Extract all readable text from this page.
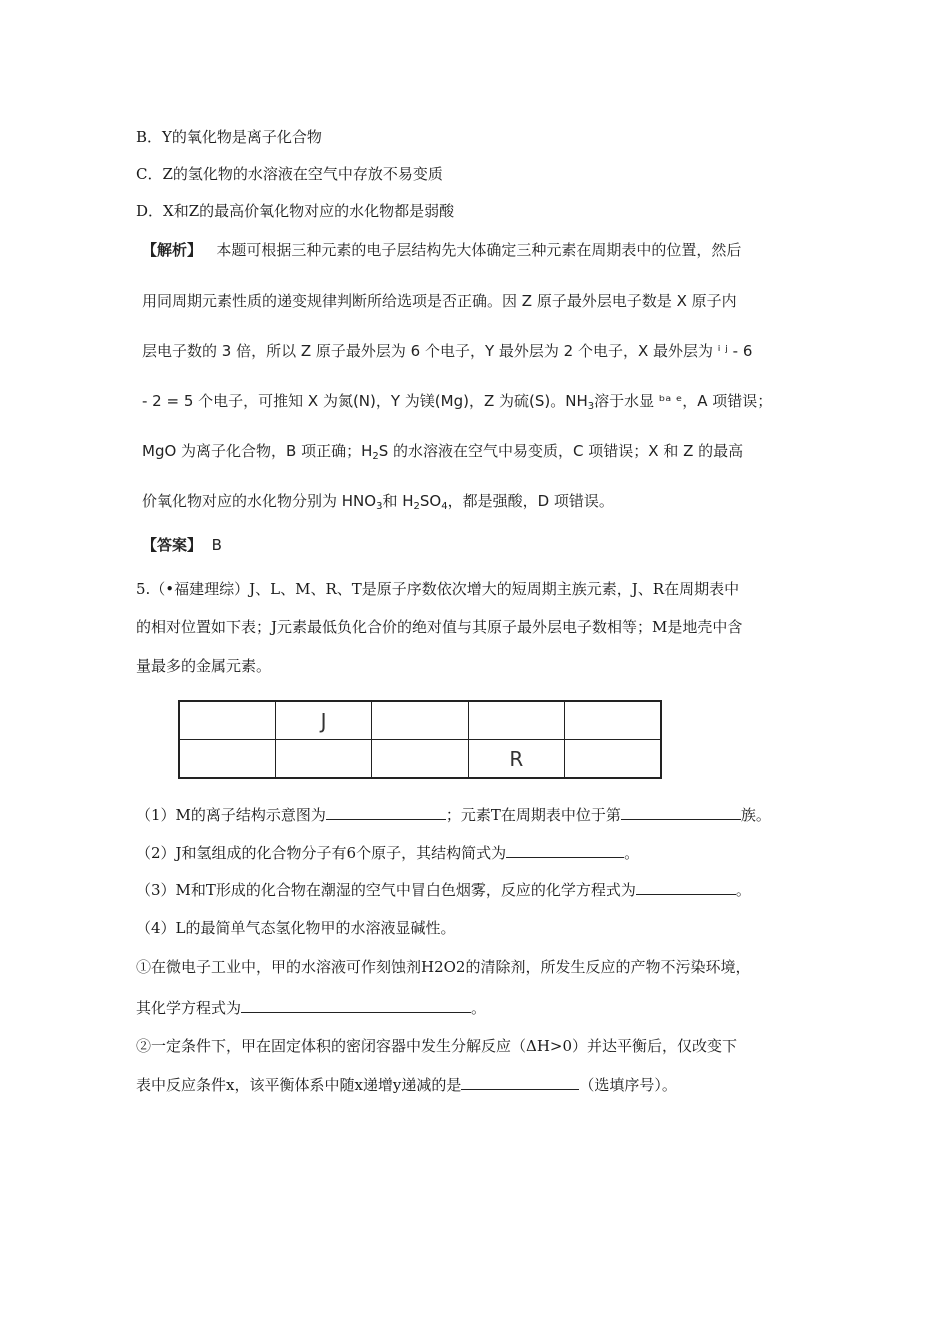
B．Y的氧化物是离子化合物
C．Z的氢化物的水溶液在空气中存放不易变质
D．X和Z的最高价氧化物对应的水化物都是弱酸
【解析】 本题可根据三种元素的电子层结构先大体确定三种元素在周期表中的位置，然后
用同周期元素性质的递变规律判断所给选项是否正确。因 Z 原子最外层电子数是 X 原子内
层电子数的 3 倍，所以 Z 原子最外层为 6 个电子，Y 最外层为 2 个电子，X 最外层为 ⁱ ʲ - 6
- 2 = 5 个电子，可推知 X 为氮(N)，Y 为镁(Mg)，Z 为硫(S)。$NH_3$溶于水显 ᵇᵃ ᵉ，A 项错误；
MgO 为离子化合物，B 项正确；$H_2S$ 的水溶液在空气中易变质，C 项错误；X 和 Z 的最高
价氧化物对应的水化物分别为 $HNO_3$和 $H_2SO_4$，都是强酸，D 项错误。
【答案】 B
5.（•福建理综）J、L、M、R、T是原子序数依次增大的短周期主族元素，J、R在周期表中
的相对位置如下表；J元素最低负化合价的绝对值与其原子最外层电子数相等；M是地壳中含
量最多的金属元素。
	J			
			R	
（1）M的离子结构示意图为	；元素T在周期表中位于第	族。
（2）J和氢组成的化合物分子有6个原子，其结构简式为	。
（3）M和T形成的化合物在潮湿的空气中冒白色烟雾，反应的化学方程式为	。
（4）L的最简单气态氢化物甲的水溶液显碱性。
①在微电子工业中，甲的水溶液可作刻蚀剂H2O2的清除剂，所发生反应的产物不污染环境，
其化学方程式为	。
②一定条件下，甲在固定体积的密闭容器中发生分解反应（ΔH>0）并达平衡后，仅改变下
表中反应条件x，该平衡体系中随x递增y递减的是	（选填序号）。
